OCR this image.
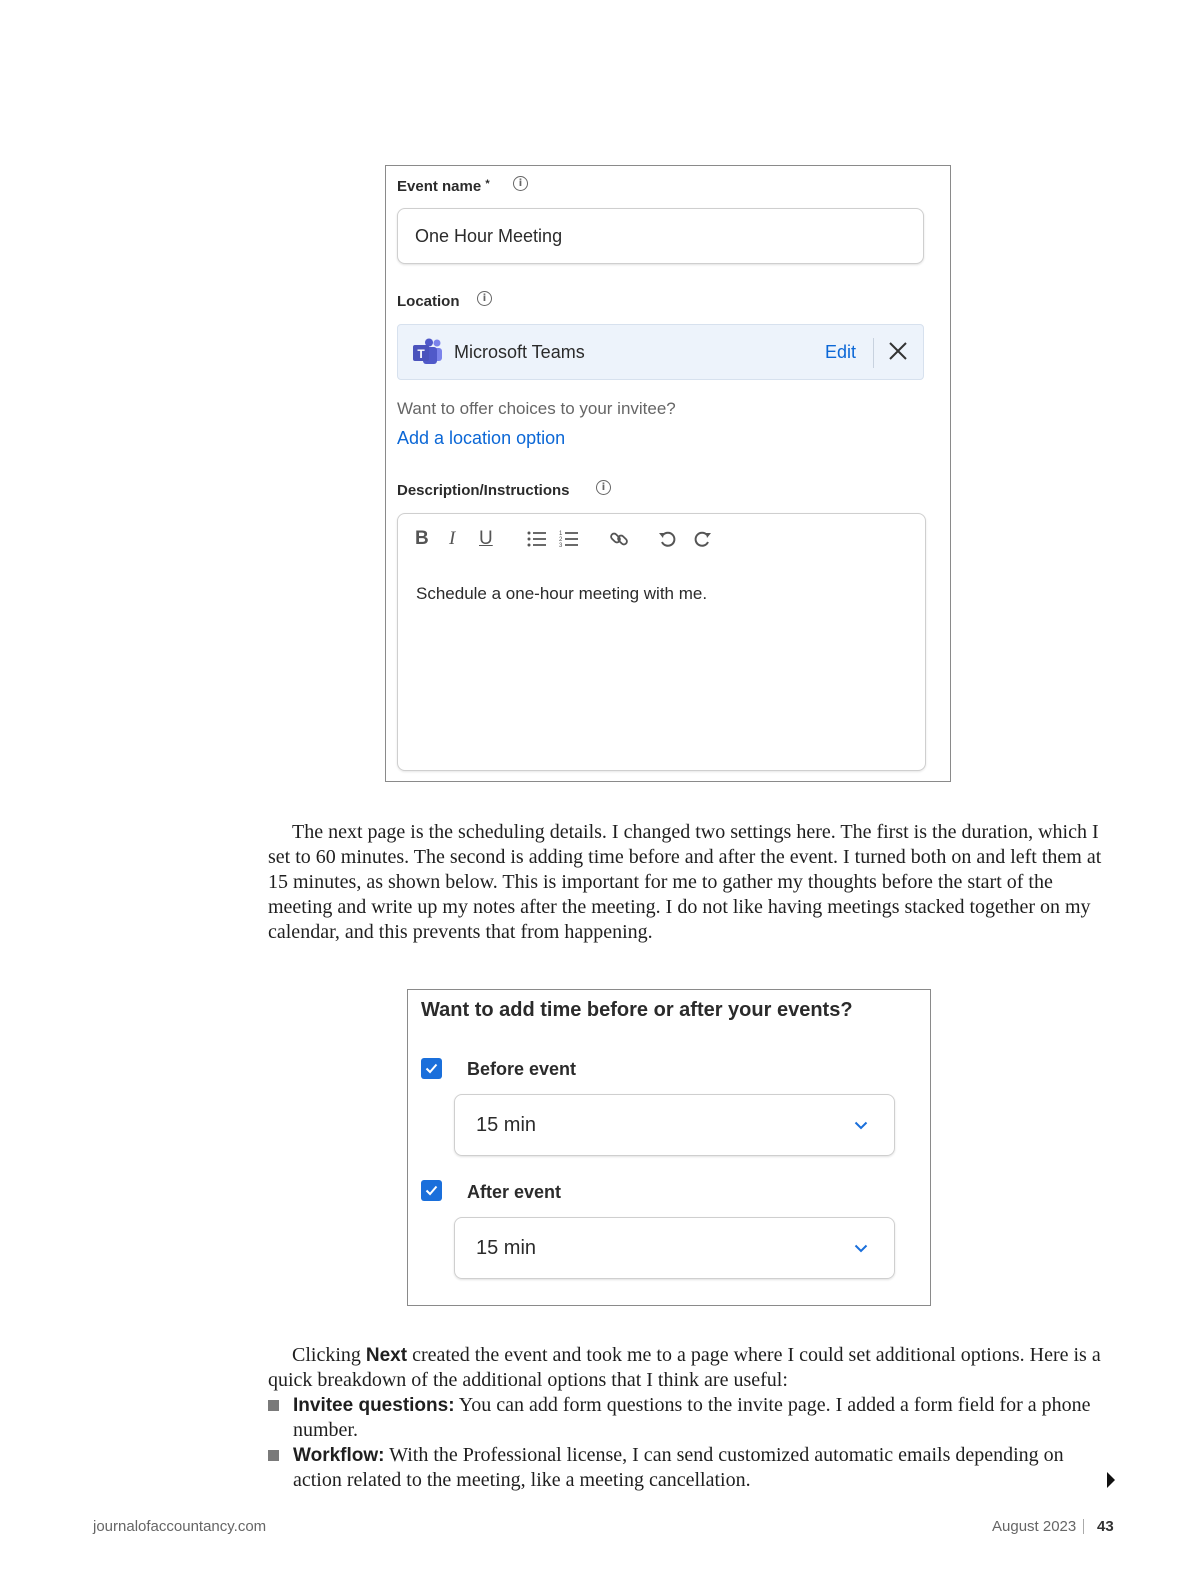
Event name *	i
One Hour Meeting
Location	i
T Microsoft Teams	Edit
Want to offer choices to your invitee?
Add a location option
Description/Instructions	i
B I U	1
2
3
Schedule a one-hour meeting with me.

The next page is the scheduling details. I changed two settings here. The first is the duration, which I set to 60 minutes. The second is adding time before and after the event. I turned both on and left them at 15 minutes, as shown below. This is important for me to gather my thoughts before the start of the meeting and write up my notes after the meeting. I do not like having meetings stacked together on my calendar, and this prevents that from happening.

Want to add time before or after your events?
Before event
15 min
After event
15 min

Clicking Next created the event and took me to a page where I could set additional options. Here is a quick breakdown of the additional options that I think are useful:

Invitee questions: You can add form questions to the invite page. I added a form field for a phone number.

Workflow: With the Professional license, I can send customized automatic emails depending on action related to the meeting, like a meeting cancellation.

journalofaccountancy.com	August 2023 43
